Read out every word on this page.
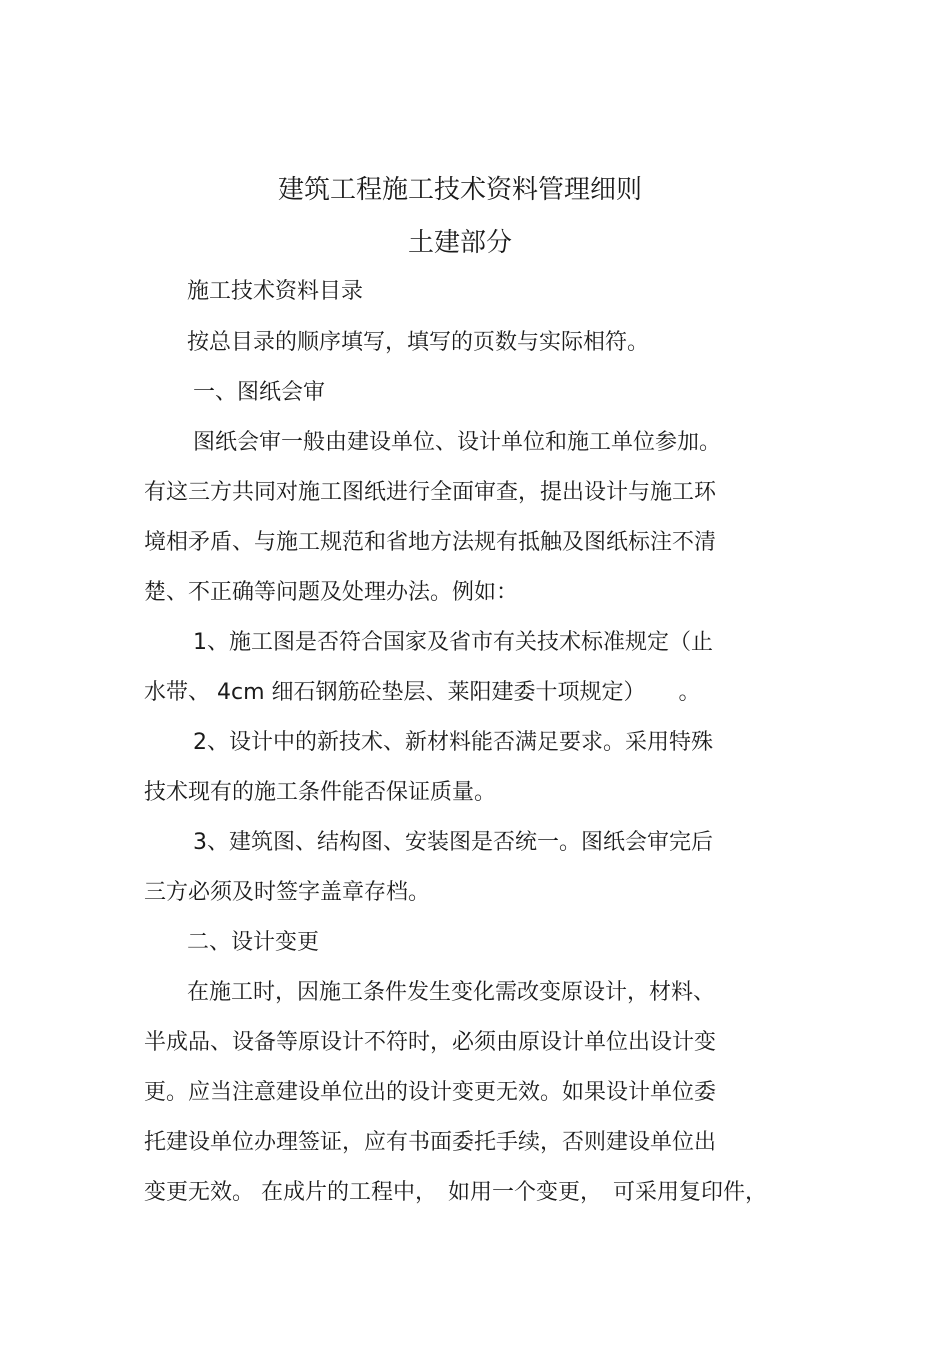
建筑工程施工技术资料管理细则
土建部分
施工技术资料目录
按总目录的顺序填写，填写的页数与实际相符。
一、图纸会审
图纸会审一般由建设单位、设计单位和施工单位参加。
有这三方共同对施工图纸进行全面审查，提出设计与施工环
境相矛盾、与施工规范和省地方法规有抵触及图纸标注不清
楚、不正确等问题及处理办法。例如：
1、施工图是否符合国家及省市有关技术标准规定（止
水带、 4cm 细石钢筋砼垫层、莱阳建委十项规定）　　。
2、设计中的新技术、新材料能否满足要求。采用特殊
技术现有的施工条件能否保证质量。
3、建筑图、结构图、安装图是否统一。图纸会审完后
三方必须及时签字盖章存档。
二、设计变更
在施工时，因施工条件发生变化需改变原设计，材料、
半成品、设备等原设计不符时，必须由原设计单位出设计变
更。应当注意建设单位出的设计变更无效。如果设计单位委
托建设单位办理签证，应有书面委托手续，否则建设单位出
变更无效。 在成片的工程中，　如用一个变更，　可采用复印件，
